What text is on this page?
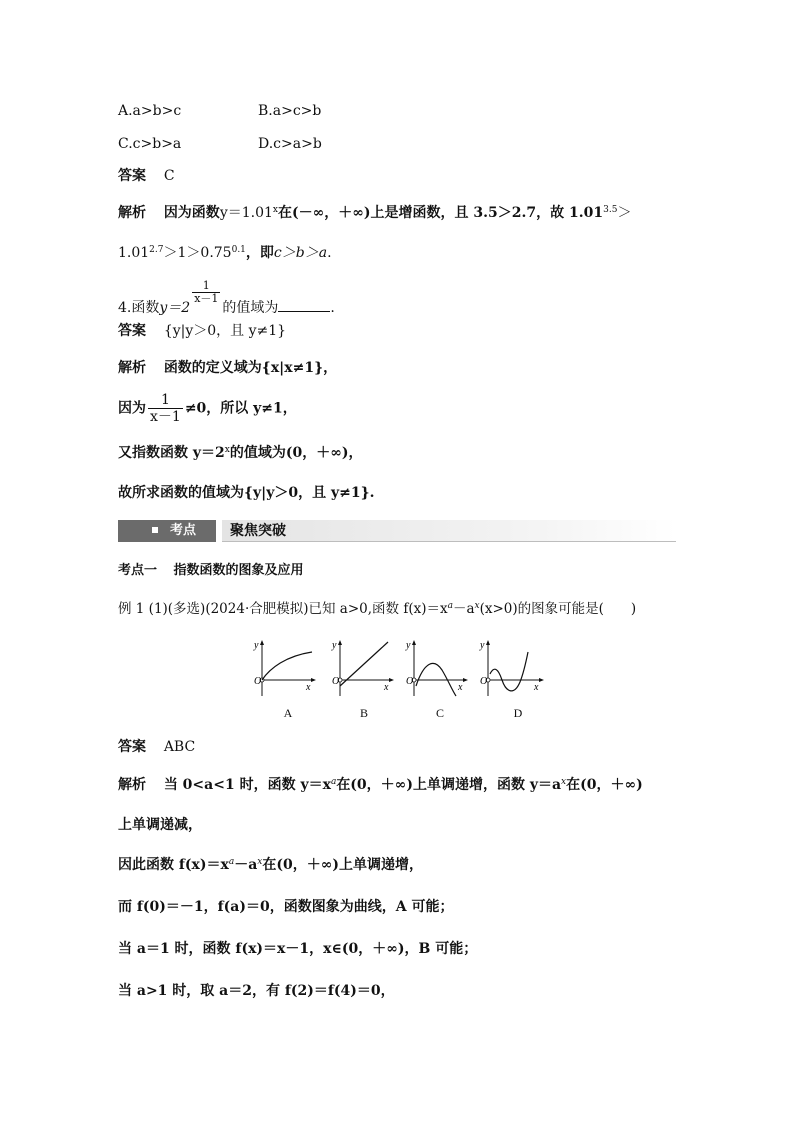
A.a>b>c	B.a>c>b
C.c>b>a	D.c>a>b
答案 C
解析 因为函数$y=1.01^x$在(－∞，＋∞)上是增函数，且 3.5＞2.7，故 $1.01^{3.5}>$
$1.01^{2.7}>1>0.75^{0.1}$，即c＞b＞a.
4.函数y＝2
$\frac{1}{x-1}$
的值域为	.
答案 {y|y＞0，且 y≠1}
解析 函数的定义域为{x|x≠1}，
因为 $\frac{1}{x-1} \ne 0$，所以 y≠1，
又指数函数 $y=2^x$的值域为(0，＋∞)，
故所求函数的值域为{y|y＞0，且 y≠1}.
考点	聚焦突破
考点一 指数函数的图象及应用
例 1 (1)(多选)(2024·合肥模拟)已知 a>0,函数 $f(x)=x^a-a^x(x>0)$的图象可能是(　　)
O
y
x
O
y
x
O
y
x
O
y
x
A	B	C	D
答案 ABC
解析 当 0<a<1 时，函数 $y=x^a$在(0，＋∞)上单调递增，函数 $y=a^x$在(0，＋∞)
上单调递减，
因此函数 $f(x)=x^a-a^x$在(0，＋∞)上单调递增，
而 f(0)＝－1，f(a)＝0，函数图象为曲线，A 可能；
当 a＝1 时，函数 f(x)＝x－1，x∈(0，＋∞)，B 可能；
当 a>1 时，取 a＝2，有 f(2)＝f(4)＝0，
